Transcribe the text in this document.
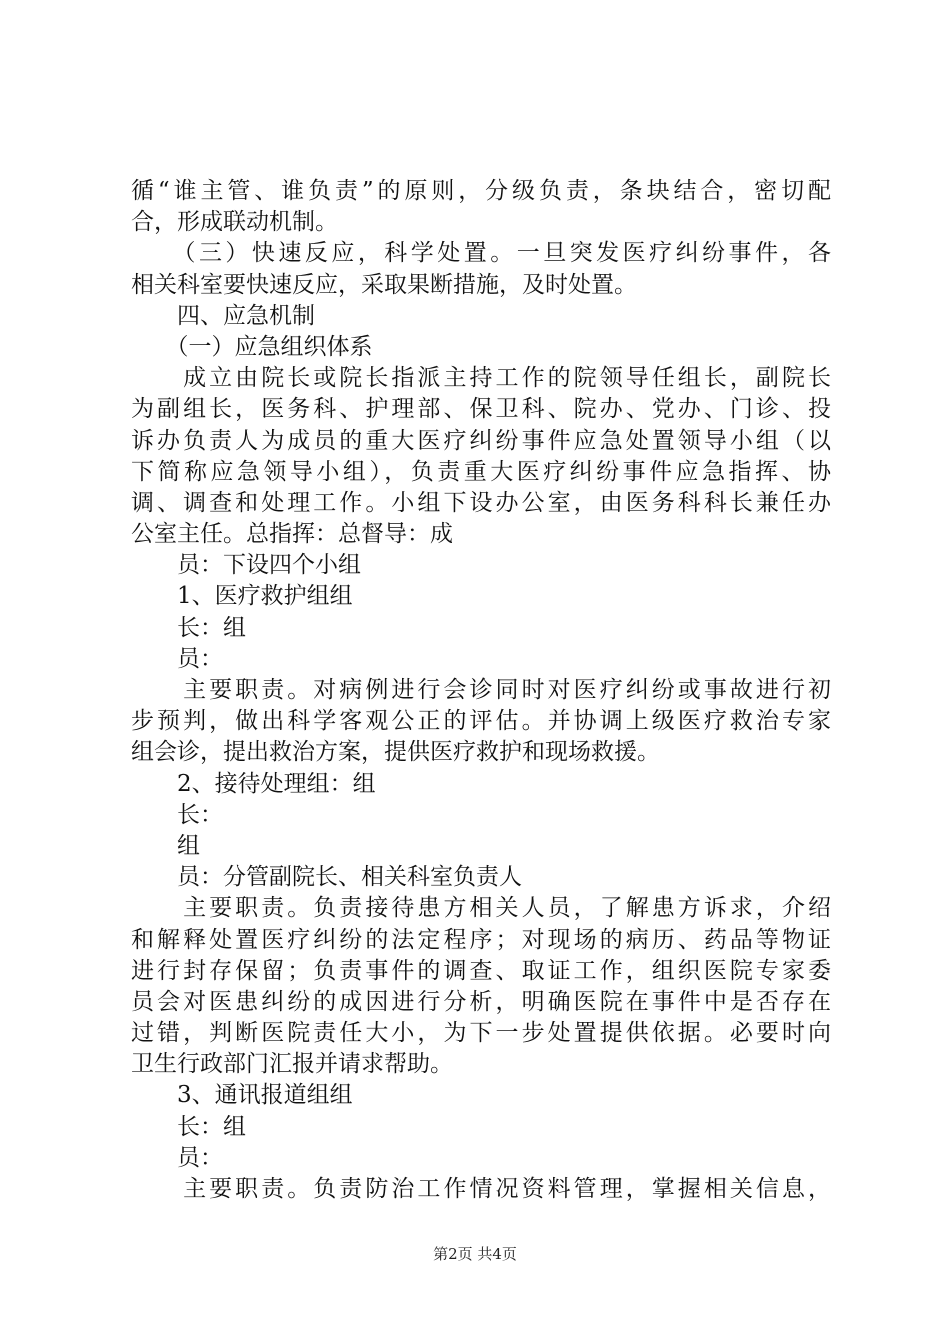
循“谁主管、谁负责”的原则，分级负责，条块结合，密切配
合，形成联动机制。
　　（三）快速反应，科学处置。一旦突发医疗纠纷事件，各
相关科室要快速反应，采取果断措施，及时处置。
　　四、应急机制
　　（一）应急组织体系
　　成立由院长或院长指派主持工作的院领导任组长，副院长
为副组长，医务科、护理部、保卫科、院办、党办、门诊、投
诉办负责人为成员的重大医疗纠纷事件应急处置领导小组（以
下简称应急领导小组），负责重大医疗纠纷事件应急指挥、协
调、调查和处理工作。小组下设办公室，由医务科科长兼任办
公室主任。总指挥：总督导：成
　　员：下设四个小组
　　1、医疗救护组组
　　长：组
　　员：
　　主要职责。对病例进行会诊同时对医疗纠纷或事故进行初
步预判，做出科学客观公正的评估。并协调上级医疗救治专家
组会诊，提出救治方案，提供医疗救护和现场救援。
　　2、接待处理组：组
　　长：
　　组
　　员：分管副院长、相关科室负责人
　　主要职责。负责接待患方相关人员，了解患方诉求，介绍
和解释处置医疗纠纷的法定程序；对现场的病历、药品等物证
进行封存保留；负责事件的调查、取证工作，组织医院专家委
员会对医患纠纷的成因进行分析，明确医院在事件中是否存在
过错，判断医院责任大小，为下一步处置提供依据。必要时向
卫生行政部门汇报并请求帮助。
　　3、通讯报道组组
　　长：组
　　员：
　　主要职责。负责防治工作情况资料管理，掌握相关信息，
第2页 共4页
